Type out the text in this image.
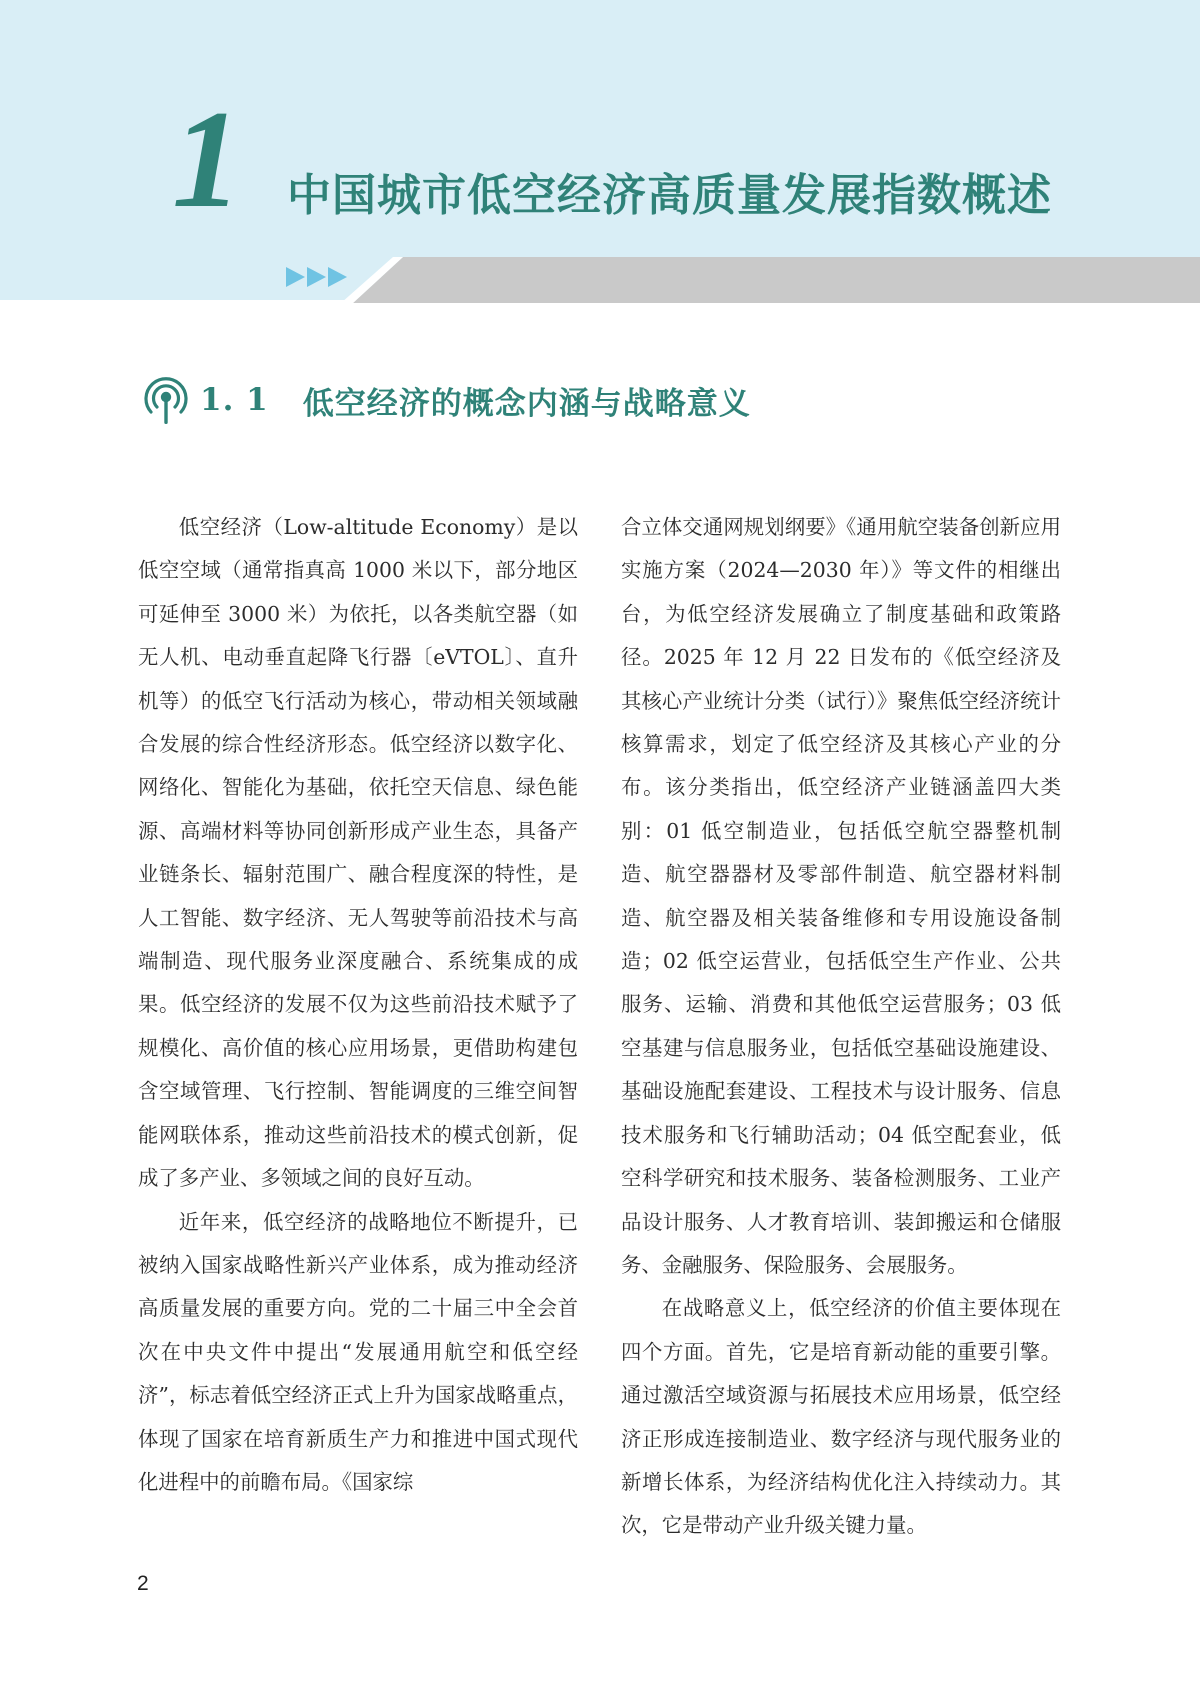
1 中国城市低空经济高质量发展指数概述
1. 1 低空经济的概念内涵与战略意义

低空经济（Low-altitude Economy）是以低空空域（通常指真高 1000 米以下，部分地区可延伸至 3000 米）为依托，以各类航空器（如无人机、电动垂直起降飞行器〔eVTOL〕、直升机等）的低空飞行活动为核心，带动相关领域融合发展的综合性经济形态。低空经济以数字化、网络化、智能化为基础，依托空天信息、绿色能源、高端材料等协同创新形成产业生态，具备产业链条长、辐射范围广、融合程度深的特性，是人工智能、数字经济、无人驾驶等前沿技术与高端制造、现代服务业深度融合、系统集成的成果。低空经济的发展不仅为这些前沿技术赋予了规模化、高价值的核心应用场景，更借助构建包含空域管理、飞行控制、智能调度的三维空间智能网联体系，推动这些前沿技术的模式创新，促成了多产业、多领域之间的良好互动。

近年来，低空经济的战略地位不断提升，已被纳入国家战略性新兴产业体系，成为推动经济高质量发展的重要方向。党的二十届三中全会首次在中央文件中提出“发展通用航空和低空经济”，标志着低空经济正式上升为国家战略重点，体现了国家在培育新质生产力和推进中国式现代化进程中的前瞻布局。《国家综

合立体交通网规划纲要》《通用航空装备创新应用实施方案（2024—2030 年）》等文件的相继出台，为低空经济发展确立了制度基础和政策路径。2025 年 12 月 22 日发布的《低空经济及其核心产业统计分类（试行）》聚焦低空经济统计核算需求，划定了低空经济及其核心产业的分布。该分类指出，低空经济产业链涵盖四大类别：01 低空制造业，包括低空航空器整机制造、航空器器材及零部件制造、航空器材料制造、航空器及相关装备维修和专用设施设备制造；02 低空运营业，包括低空生产作业、公共服务、运输、消费和其他低空运营服务；03 低空基建与信息服务业，包括低空基础设施建设、基础设施配套建设、工程技术与设计服务、信息技术服务和飞行辅助活动；04 低空配套业，低空科学研究和技术服务、装备检测服务、工业产品设计服务、人才教育培训、装卸搬运和仓储服务、金融服务、保险服务、会展服务。

在战略意义上，低空经济的价值主要体现在四个方面。首先，它是培育新动能的重要引擎。通过激活空域资源与拓展技术应用场景，低空经济正形成连接制造业、数字经济与现代服务业的新增长体系，为经济结构优化注入持续动力。其次，它是带动产业升级关键力量。

2
